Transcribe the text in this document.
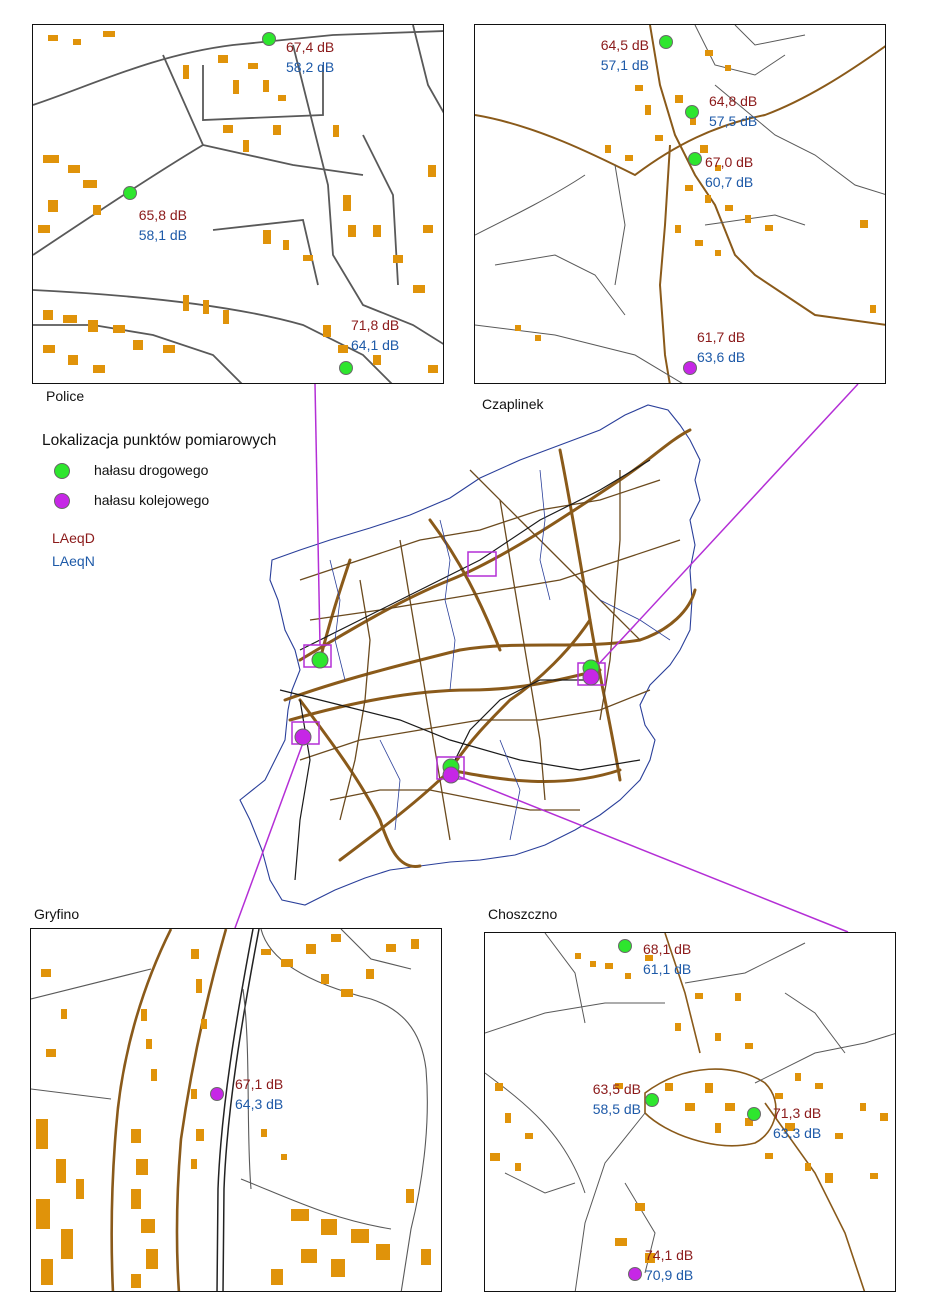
67,4 dB
58,2 dB
65,8 dB
58,1 dB
71,8 dB
64,1 dB
Police
64,5 dB
57,1 dB
64,8 dB
57,5 dB
67,0 dB
60,7 dB
61,7 dB
63,6 dB
Czaplinek
Lokalizacja punktów pomiarowych
hałasu drogowego
hałasu kolejowego
LAeqD
LAeqN
Gryfino
67,1 dB
64,3 dB
Choszczno
68,1 dB
61,1 dB
63,5 dB
58,5 dB	71,3 dB
63,3 dB
74,1 dB
70,9 dB
